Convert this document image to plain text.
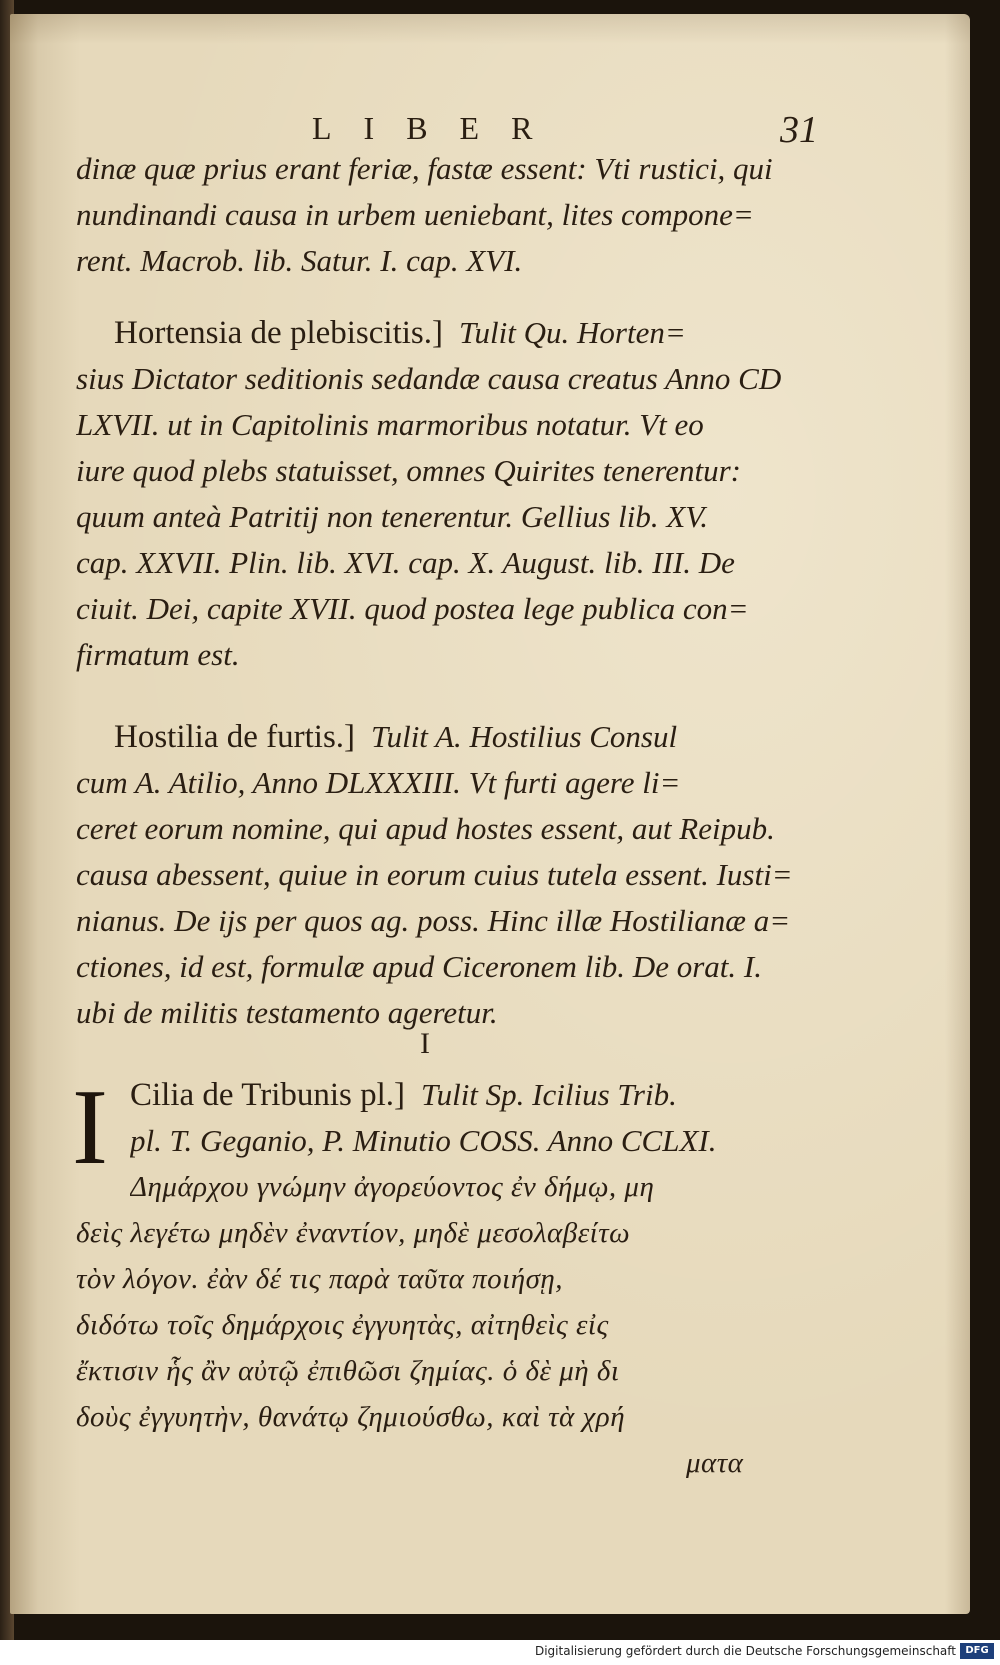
LIBER	31
dinæ quæ prius erant feriæ, fastæ essent: Vti rustici, qui
nundinandi causa in urbem ueniebant, lites compone=
rent. Macrob. lib. Satur. I. cap. XVI.
Hortensia de plebiscitis.] Tulit Qu. Horten=
sius Dictator seditionis sedandæ causa creatus Anno CD
LXVII. ut in Capitolinis marmoribus notatur. Vt eo
iure quod plebs statuisset, omnes Quirites tenerentur:
quum anteà Patritij non tenerentur. Gellius lib. XV.
cap. XXVII. Plin. lib. XVI. cap. X. August. lib. III. De
ciuit. Dei, capite XVII. quod postea lege publica con=
firmatum est.
Hostilia de furtis.] Tulit A. Hostilius Consul
cum A. Atilio, Anno DLXXXIII. Vt furti agere li=
ceret eorum nomine, qui apud hostes essent, aut Reipub.
causa abessent, quiue in eorum cuius tutela essent. Iusti=
nianus. De ijs per quos ag. poss. Hinc illæ Hostilianæ a=
ctiones, id est, formulæ apud Ciceronem lib. De orat. I.
ubi de militis testamento ageretur.
I
I Cilia de Tribunis pl.] Tulit Sp. Icilius Trib.
pl. T. Geganio, P. Minutio COSS. Anno CCLXI.
Δημάρχου γνώμην ἀγορεύοντος ἐν δήμῳ, μη
δεὶς λεγέτω μηδὲν ἐναντίον, μηδὲ μεσολαβείτω
τὸν λόγον. ἐὰν δέ τις παρὰ ταῦτα ποιήσῃ,
διδότω τοῖς δημάρχοις ἐγγυητὰς, αἰτηθεὶς εἰς
ἔκτισιν ἧς ἂν αὐτῷ ἐπιθῶσι ζημίας. ὁ δὲ μὴ δι
δοὺς ἐγγυητὴν, θανάτῳ ζημιούσθω, καὶ τὰ χρή
ματα
Digitalisierung gefördert durch die Deutsche Forschungsgemeinschaft DFG
